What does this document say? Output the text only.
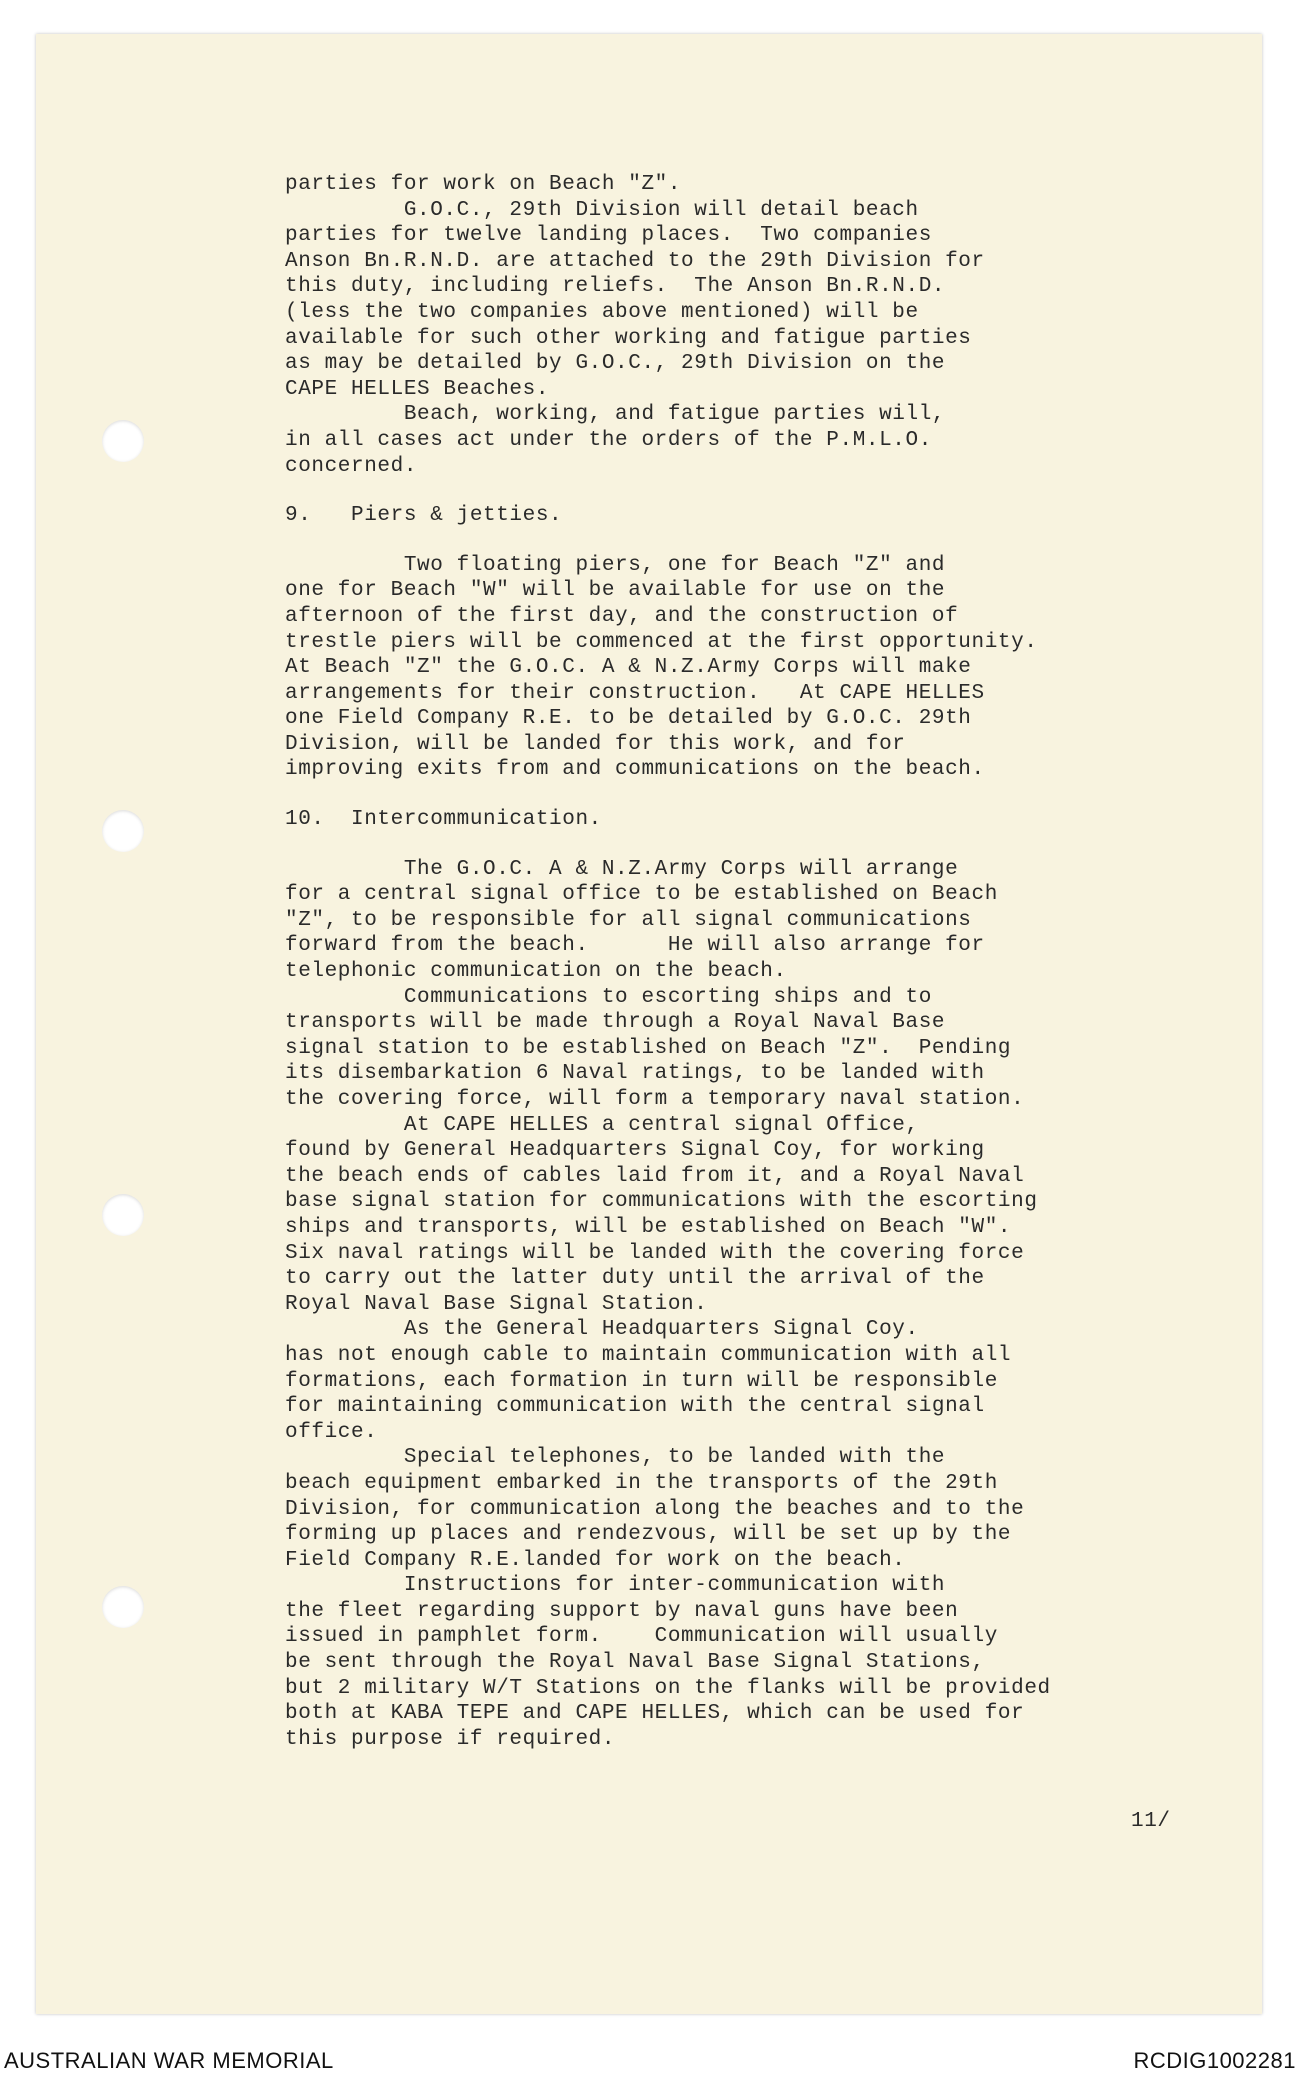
parties for work on Beach "Z".
G.O.C., 29th Division will detail beach
parties for twelve landing places.  Two companies
Anson Bn.R.N.D. are attached to the 29th Division for
this duty, including reliefs.  The Anson Bn.R.N.D.
(less the two companies above mentioned) will be
available for such other working and fatigue parties
as may be detailed by G.O.C., 29th Division on the
CAPE HELLES Beaches.
Beach, working, and fatigue parties will,
in all cases act under the orders of the P.M.L.O.
concerned.
9.   Piers & jetties.
Two floating piers, one for Beach "Z" and
one for Beach "W" will be available for use on the
afternoon of the first day, and the construction of
trestle piers will be commenced at the first opportunity.
At Beach "Z" the G.O.C. A & N.Z.Army Corps will make
arrangements for their construction.   At CAPE HELLES
one Field Company R.E. to be detailed by G.O.C. 29th
Division, will be landed for this work, and for
improving exits from and communications on the beach.
10.  Intercommunication.
The G.O.C. A & N.Z.Army Corps will arrange
for a central signal office to be established on Beach
"Z", to be responsible for all signal communications
forward from the beach.      He will also arrange for
telephonic communication on the beach.
Communications to escorting ships and to
transports will be made through a Royal Naval Base
signal station to be established on Beach "Z".  Pending
its disembarkation 6 Naval ratings, to be landed with
the covering force, will form a temporary naval station.
At CAPE HELLES a central signal Office,
found by General Headquarters Signal Coy, for working
the beach ends of cables laid from it, and a Royal Naval
base signal station for communications with the escorting
ships and transports, will be established on Beach "W".
Six naval ratings will be landed with the covering force
to carry out the latter duty until the arrival of the
Royal Naval Base Signal Station.
As the General Headquarters Signal Coy.
has not enough cable to maintain communication with all
formations, each formation in turn will be responsible
for maintaining communication with the central signal
office.
Special telephones, to be landed with the
beach equipment embarked in the transports of the 29th
Division, for communication along the beaches and to the
forming up places and rendezvous, will be set up by the
Field Company R.E.landed for work on the beach.
Instructions for inter-communication with
the fleet regarding support by naval guns have been
issued in pamphlet form.    Communication will usually
be sent through the Royal Naval Base Signal Stations,
but 2 military W/T Stations on the flanks will be provided
both at KABA TEPE and CAPE HELLES, which can be used for
this purpose if required.
11/
AUSTRALIAN WAR MEMORIAL	RCDIG1002281
